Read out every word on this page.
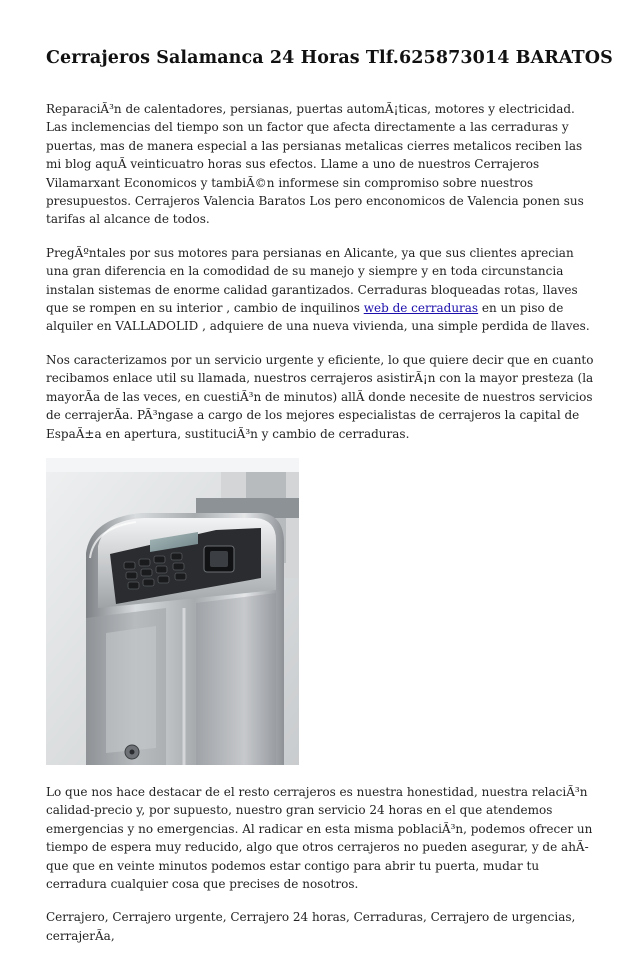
Cerrajeros Salamanca 24 Horas Tlf.625873014 BARATOS

ReparaciÃ³n de calentadores, persianas, puertas automÃ¡ticas, motores y electricidad. Las inclemencias del tiempo son un factor que afecta directamente a las cerraduras y puertas, mas de manera especial a las persianas metalicas cierres metalicos reciben las mi blog aquÃ veinticuatro horas sus efectos. Llame a uno de nuestros Cerrajeros Vilamarxant Economicos y tambiÃ©n informese sin compromiso sobre nuestros presupuestos. Cerrajeros Valencia Baratos Los pero enconomicos de Valencia ponen sus tarifas al alcance de todos.

PregÃºntales por sus motores para persianas en Alicante, ya que sus clientes aprecian una gran diferencia en la comodidad de su manejo y siempre y en toda circunstancia instalan sistemas de enorme calidad garantizados. Cerraduras bloqueadas rotas, llaves que se rompen en su interior , cambio de inquilinos web de cerraduras en un piso de alquiler en VALLADOLID , adquiere de una nueva vivienda, una simple perdida de llaves.

Nos caracterizamos por un servicio urgente y eficiente, lo que quiere decir que en cuanto recibamos enlace util su llamada, nuestros cerrajeros asistirÃ¡n con la mayor presteza (la mayorÃa de las veces, en cuestiÃ³n de minutos) allÃ donde necesite de nuestros servicios de cerrajerÃa. PÃ³ngase a cargo de los mejores especialistas de cerrajeros la capital de EspaÃ±a en apertura, sustituciÃ³n y cambio de cerraduras.

Lo que nos hace destacar de el resto cerrajeros es nuestra honestidad, nuestra relaciÃ³n calidad-precio y, por supuesto, nuestro gran servicio 24 horas en el que atendemos emergencias y no emergencias. Al radicar en esta misma poblaciÃ³n, podemos ofrecer un tiempo de espera muy reducido, algo que otros cerrajeros no pueden asegurar, y de ahÃ que que en veinte minutos podemos estar contigo para abrir tu puerta, mudar tu cerradura cualquier cosa que precises de nosotros.

Cerrajero, Cerrajero urgente, Cerrajero 24 horas, Cerraduras, Cerrajero de urgencias, cerrajerÃa,
